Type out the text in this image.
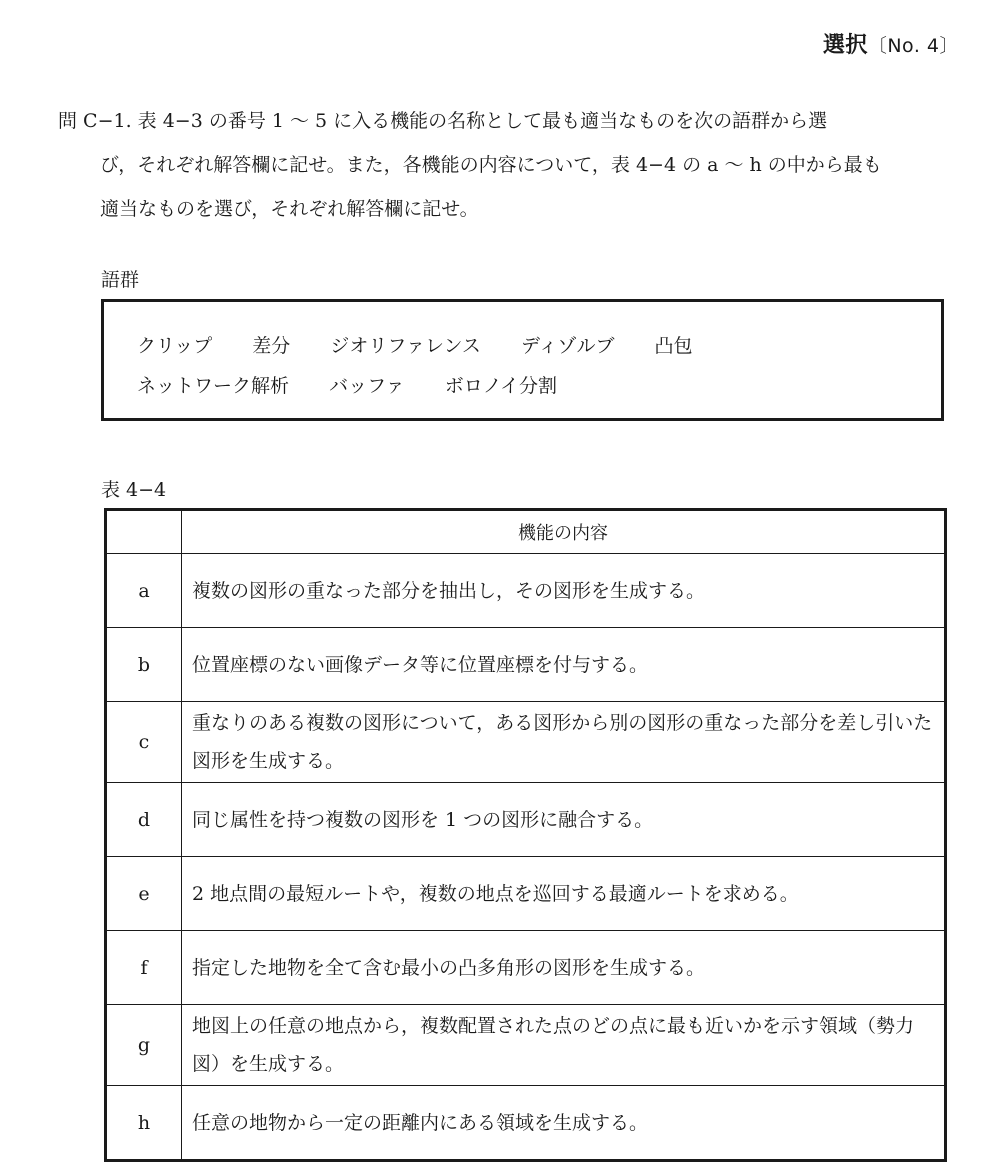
選択〔No. 4〕
問 C−1. 表 4−3 の番号 1 〜 5 に入る機能の名称として最も適当なものを次の語群から選
び，それぞれ解答欄に記せ。また，各機能の内容について，表 4−4 の a 〜 h の中から最も
適当なものを選び，それぞれ解答欄に記せ。
語群
クリップ 差分 ジオリファレンス ディゾルブ 凸包
ネットワーク解析 バッファ ボロノイ分割
表 4−4
	機能の内容
a	複数の図形の重なった部分を抽出し，その図形を生成する。
b	位置座標のない画像データ等に位置座標を付与する。
c	重なりのある複数の図形について，ある図形から別の図形の重なった部分を差し引いた図形を生成する。
d	同じ属性を持つ複数の図形を 1 つの図形に融合する。
e	2 地点間の最短ルートや，複数の地点を巡回する最適ルートを求める。
f	指定した地物を全て含む最小の凸多角形の図形を生成する。
g	地図上の任意の地点から，複数配置された点のどの点に最も近いかを示す領域（勢力図）を生成する。
h	任意の地物から一定の距離内にある領域を生成する。
